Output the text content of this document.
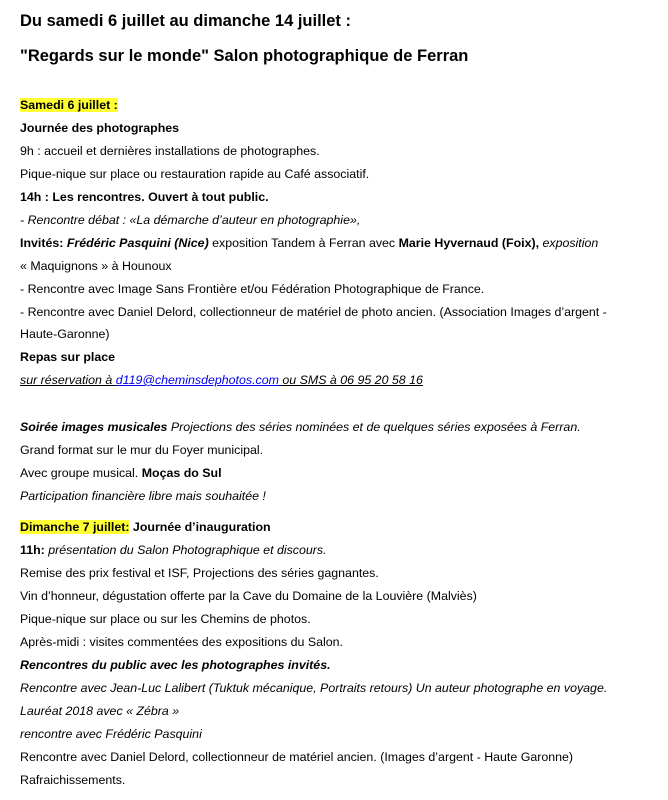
Du samedi 6 juillet au dimanche 14 juillet :
"Regards sur le monde" Salon photographique de Ferran
Samedi 6 juillet :
Journée des photographes
9h : accueil et dernières installations de photographes.
Pique-nique sur place ou restauration rapide au Café associatif.
14h : Les rencontres. Ouvert à tout public.
- Rencontre débat : «La démarche d’auteur en photographie»,
Invités: Frédéric Pasquini (Nice) exposition Tandem à Ferran avec Marie Hyvernaud (Foix), exposition
« Maquignons » à Hounoux
- Rencontre avec Image Sans Frontière et/ou Fédération Photographique de France.
- Rencontre avec Daniel Delord, collectionneur de matériel de photo ancien. (Association Images d’argent -
Haute-Garonne)
Repas sur place
sur réservation à d119@cheminsdephotos.com ou SMS à 06 95 20 58 16
Soirée images musicales Projections des séries nominées et de quelques séries exposées à Ferran.
Grand format sur le mur du Foyer municipal.
Avec groupe musical. Moças do Sul
Participation financière libre mais souhaitée !
Dimanche 7 juillet: Journée d’inauguration
11h: présentation du Salon Photographique et discours.
Remise des prix festival et ISF, Projections des séries gagnantes.
Vin d’honneur, dégustation offerte par la Cave du Domaine de la Louvière (Malviès)
Pique-nique sur place ou sur les Chemins de photos.
Après-midi : visites commentées des expositions du Salon.
Rencontres du public avec les photographes invités.
Rencontre avec Jean-Luc Lalibert (Tuktuk mécanique, Portraits retours) Un auteur photographe en voyage.
Lauréat 2018 avec « Zébra »
rencontre avec Frédéric Pasquini
Rencontre avec Daniel Delord, collectionneur de matériel ancien. (Images d’argent - Haute Garonne)
Rafraichissements.
